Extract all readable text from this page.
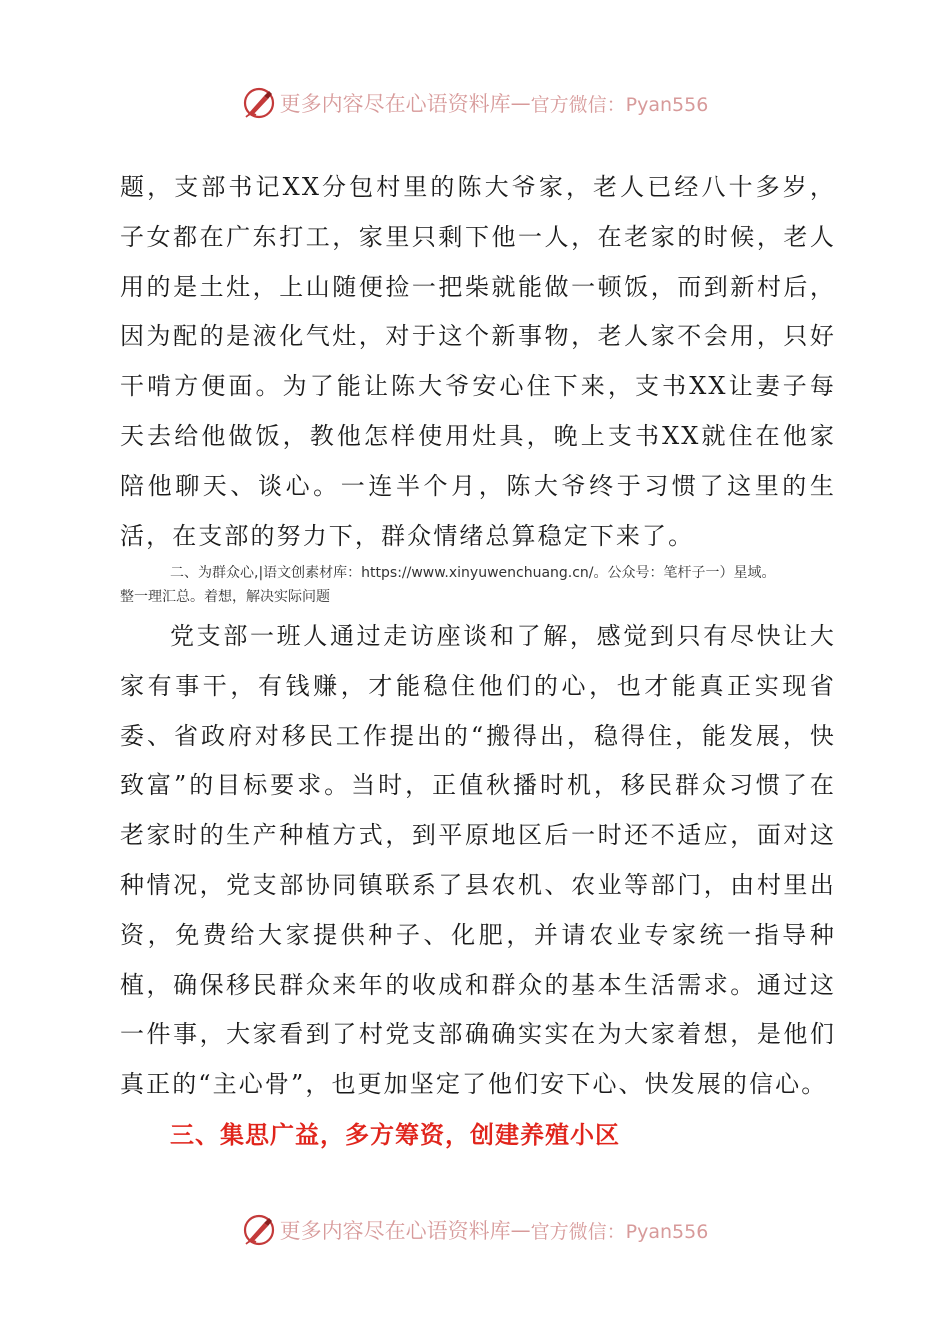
更多内容尽在心语资料库 — 官方微信：Pyan556

题，支部书记XX分包村里的陈大爷家，老人已经八十多岁，子女都在广东打工，家里只剩下他一人，在老家的时候，老人用的是土灶，上山随便捡一把柴就能做一顿饭，而到新村后，因为配的是液化气灶，对于这个新事物，老人家不会用，只好干啃方便面。为了能让陈大爷安心住下来，支书XX让妻子每天去给他做饭，教他怎样使用灶具，晚上支书XX就住在他家陪他聊天、谈心。一连半个月，陈大爷终于习惯了这里的生活，在支部的努力下，群众情绪总算稳定下来了。

二、为群众心,|语文创素材库：https://www.xinyuwenchuang.cn/。公众号：笔杆子一）星域。
整一理汇总。着想，解决实际问题

党支部一班人通过走访座谈和了解，感觉到只有尽快让大家有事干，有钱赚，才能稳住他们的心，也才能真正实现省委、省政府对移民工作提出的“搬得出，稳得住，能发展，快致富”的目标要求。当时，正值秋播时机，移民群众习惯了在老家时的生产种植方式，到平原地区后一时还不适应，面对这种情况，党支部协同镇联系了县农机、农业等部门，由村里出资，免费给大家提供种子、化肥，并请农业专家统一指导种植，确保移民群众来年的收成和群众的基本生活需求。通过这一件事，大家看到了村党支部确确实实在为大家着想，是他们真正的“主心骨”，也更加坚定了他们安下心、快发展的信心。

三、集思广益，多方筹资，创建养殖小区
更多内容尽在心语资料库 — 官方微信：Pyan556
